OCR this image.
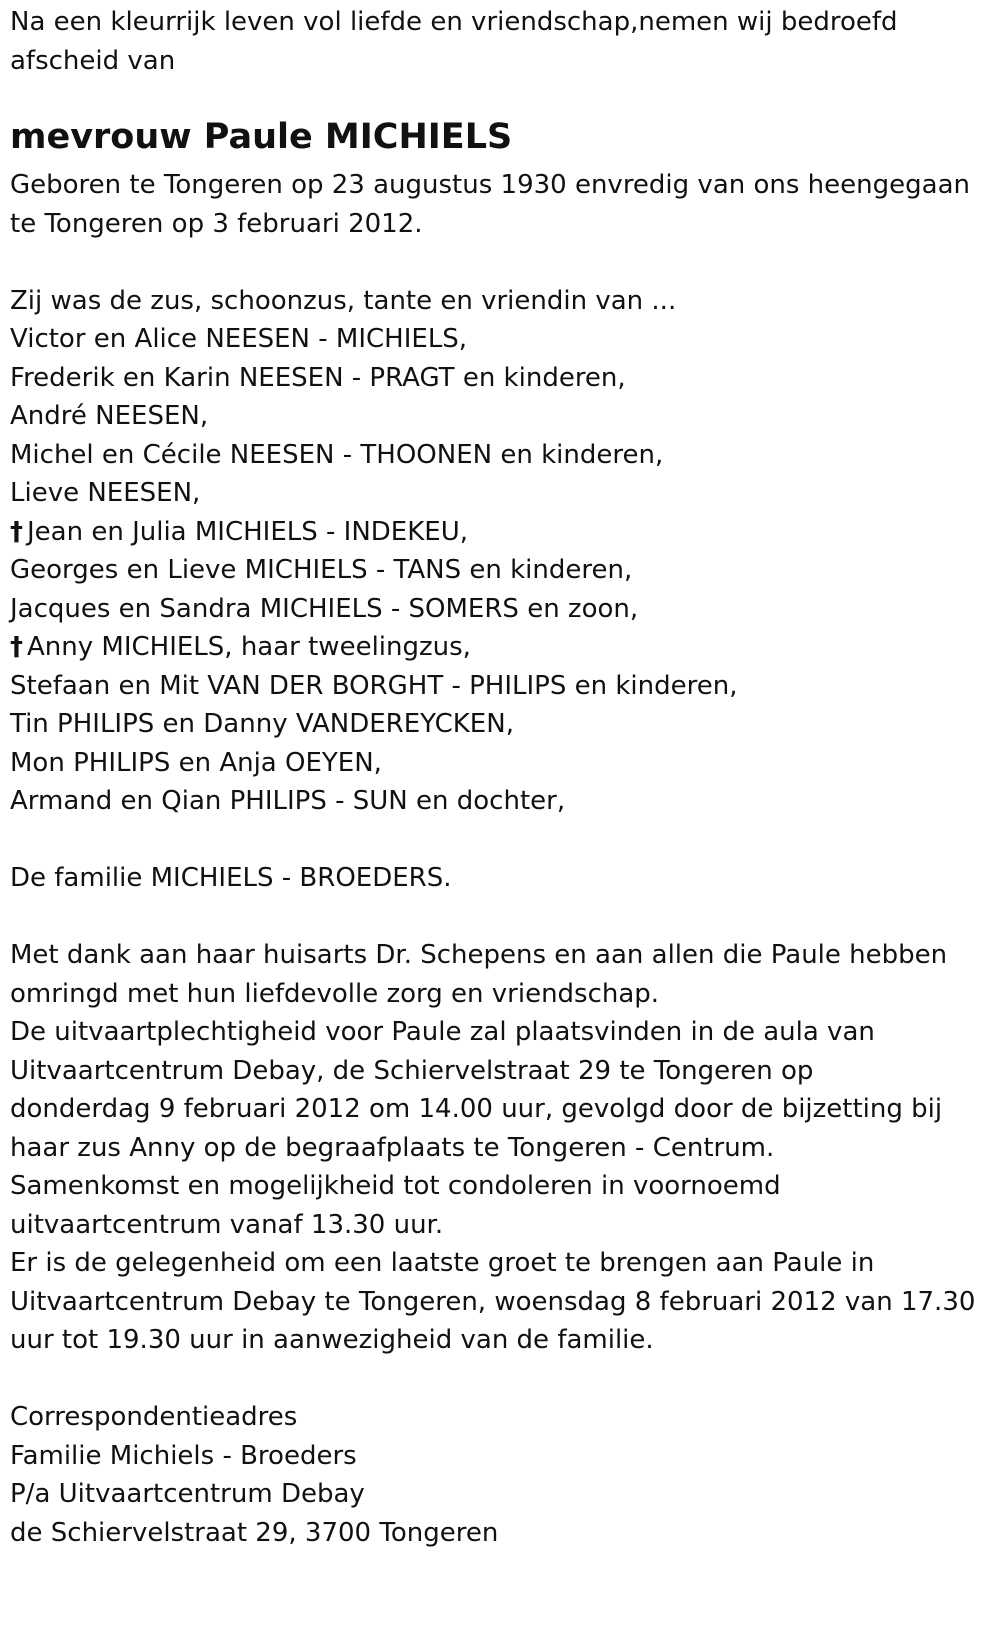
Na een kleurrijk leven vol liefde en vriendschap,nemen wij bedroefd
afscheid van
mevrouw Paule MICHIELS
Geboren te Tongeren op 23 augustus 1930 envredig van ons heengegaan
te Tongeren op 3 februari 2012.
Zij was de zus, schoonzus, tante en vriendin van ...
Victor en Alice NEESEN - MICHIELS,
Frederik en Karin NEESEN - PRAGT en kinderen,
André NEESEN,
Michel en Cécile NEESEN - THOONEN en kinderen,
Lieve NEESEN,
† Jean en Julia MICHIELS - INDEKEU,
Georges en Lieve MICHIELS - TANS en kinderen,
Jacques en Sandra MICHIELS - SOMERS en zoon,
† Anny MICHIELS, haar tweelingzus,
Stefaan en Mit VAN DER BORGHT - PHILIPS en kinderen,
Tin PHILIPS en Danny VANDEREYCKEN,
Mon PHILIPS en Anja OEYEN,
Armand en Qian PHILIPS - SUN en dochter,
De familie MICHIELS - BROEDERS.
Met dank aan haar huisarts Dr. Schepens en aan allen die Paule hebben
omringd met hun liefdevolle zorg en vriendschap.
De uitvaartplechtigheid voor Paule zal plaatsvinden in de aula van
Uitvaartcentrum Debay, de Schiervelstraat 29 te Tongeren op
donderdag 9 februari 2012 om 14.00 uur, gevolgd door de bijzetting bij
haar zus Anny op de begraafplaats te Tongeren - Centrum.
Samenkomst en mogelijkheid tot condoleren in voornoemd
uitvaartcentrum vanaf 13.30 uur.
Er is de gelegenheid om een laatste groet te brengen aan Paule in
Uitvaartcentrum Debay te Tongeren, woensdag 8 februari 2012 van 17.30
uur tot 19.30 uur in aanwezigheid van de familie.
Correspondentieadres
Familie Michiels - Broeders
P/a Uitvaartcentrum Debay
de Schiervelstraat 29, 3700 Tongeren
